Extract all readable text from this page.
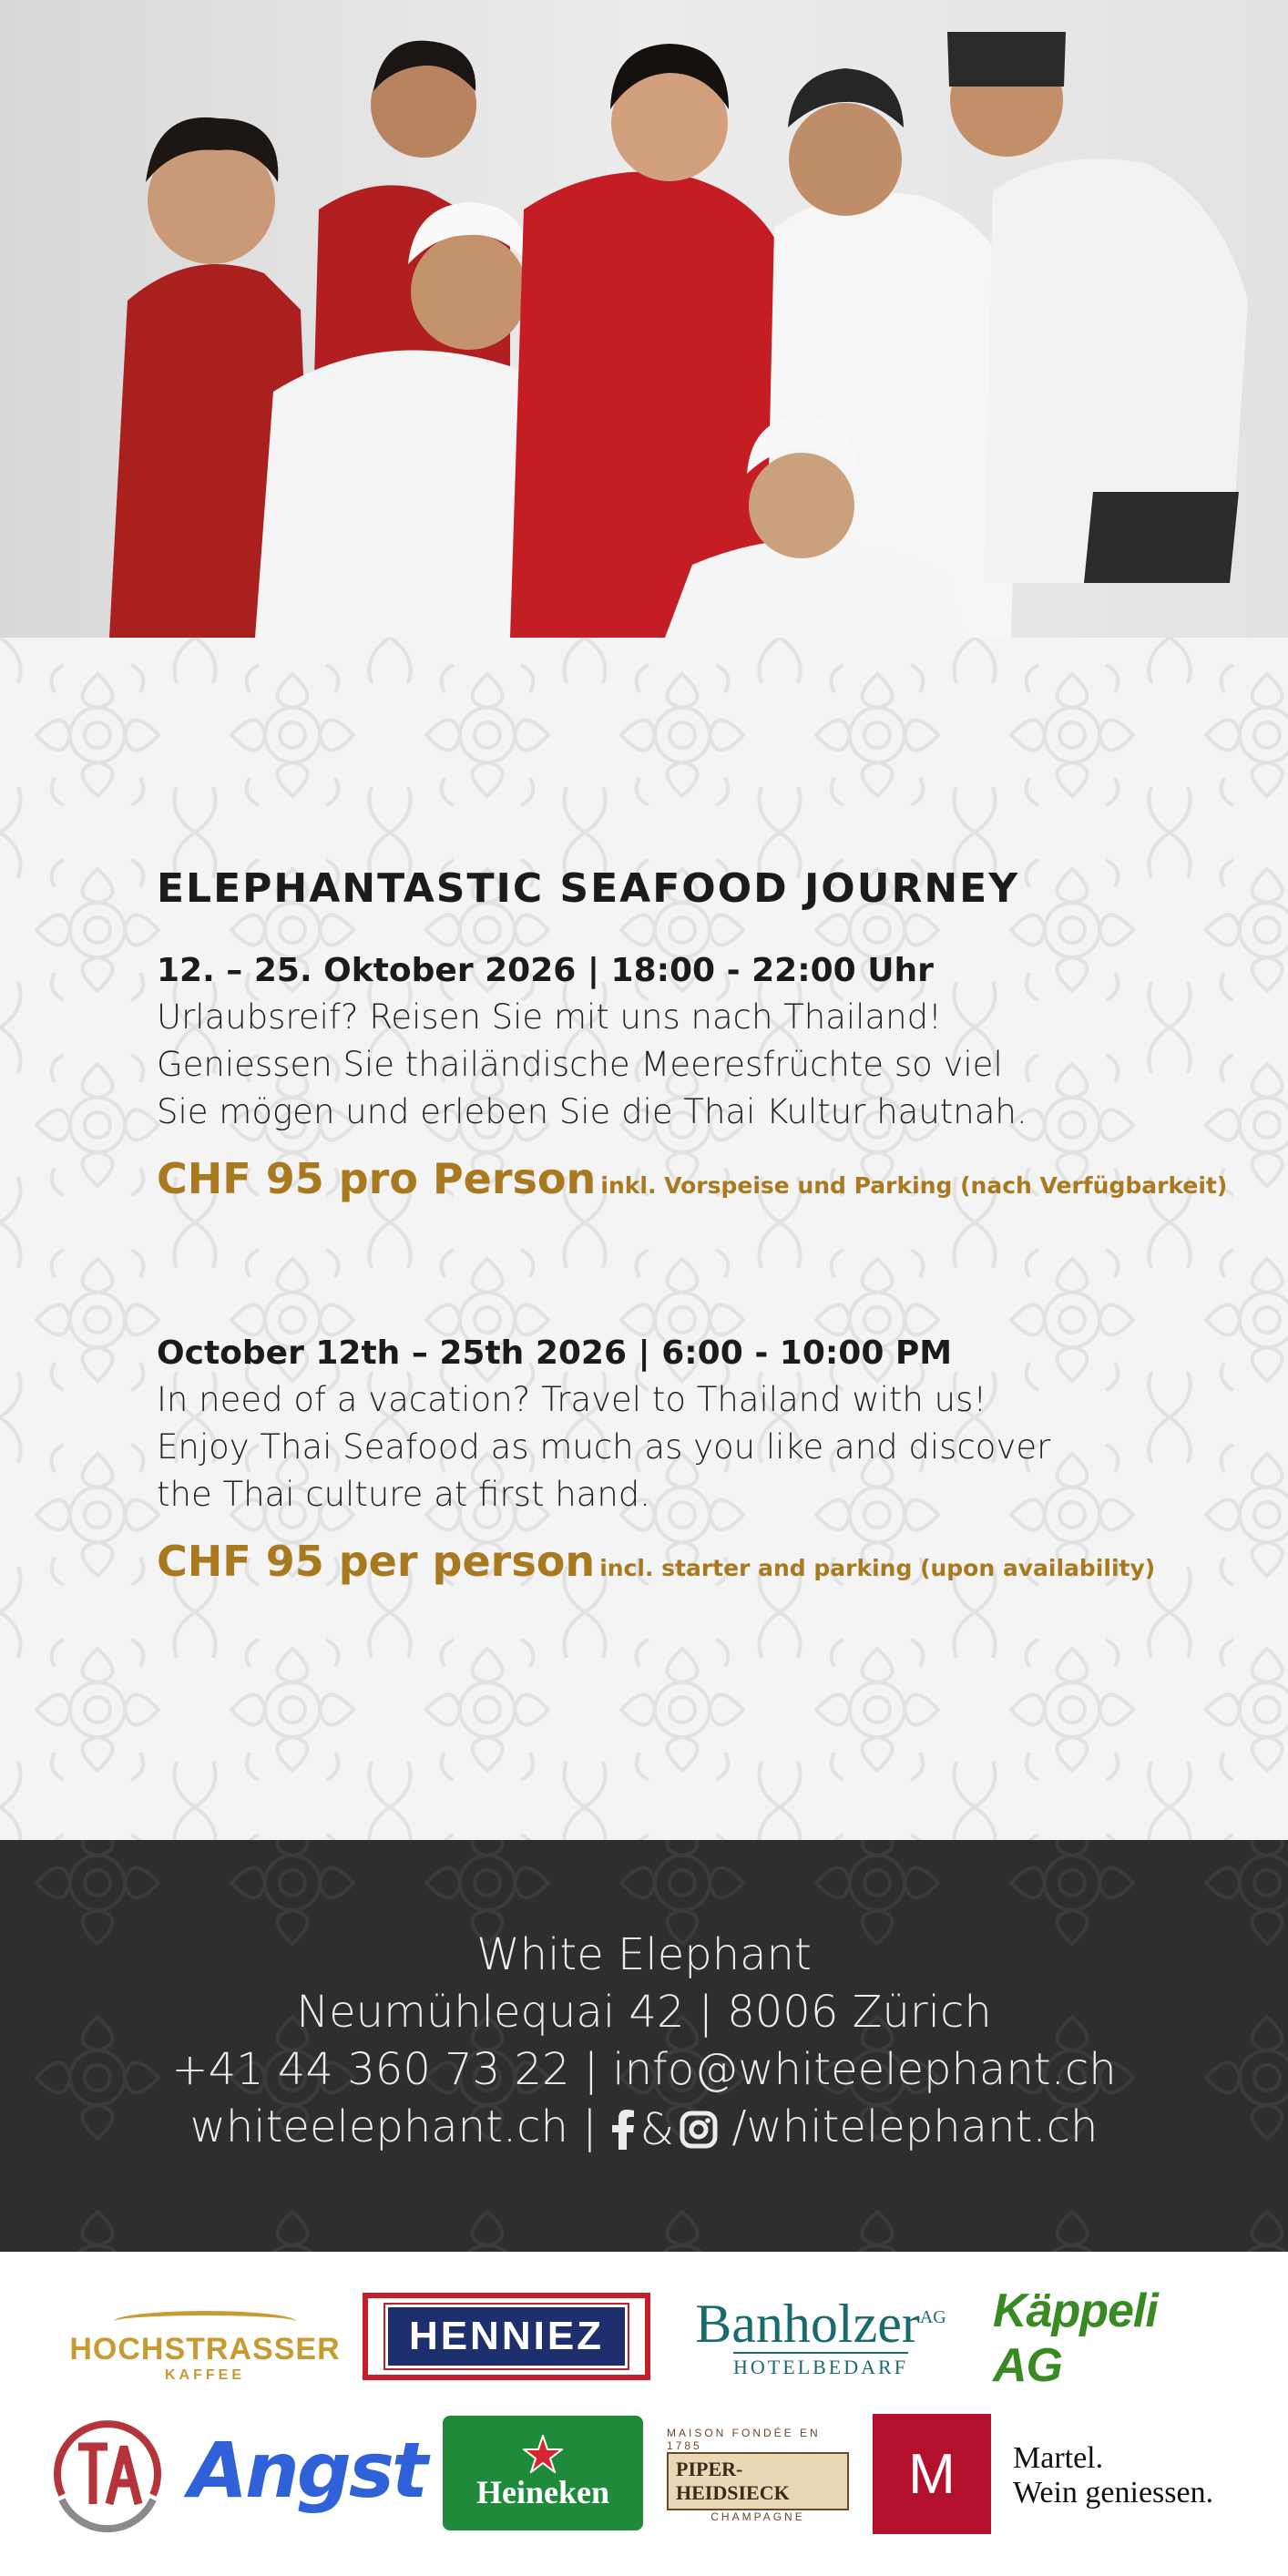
ELEPHANTASTIC SEAFOOD JOURNEY
12. – 25. Oktober 2026 | 18:00 - 22:00 Uhr
Urlaubsreif? Reisen Sie mit uns nach Thailand!
Geniessen Sie thailändische Meeresfrüchte so viel
Sie mögen und erleben Sie die Thai Kultur hautnah.
CHF 95 pro Person inkl. Vorspeise und Parking (nach Verfügbarkeit)
October 12th – 25th 2026 | 6:00 - 10:00 PM
In need of a vacation? Travel to Thailand with us!
Enjoy Thai Seafood as much as you like and discover
the Thai culture at first hand.
CHF 95 per person incl. starter and parking (upon availability)
White Elephant
Neumühlequai 42 | 8006 Zürich
+41 44 360 73 22 | info@whiteelephant.ch
whiteelephant.ch | & /whitelephant.ch
HOCHSTRASSER
KAFFEE
HENNIEZ	Banholzer$^{AG}$
HOTELBEDARF
Käppeli AG
Angst Heineken
MAISON FONDÉE EN 1785
PIPER-HEIDSIECK
CHAMPAGNE
M	Martel.
Wein geniessen.
